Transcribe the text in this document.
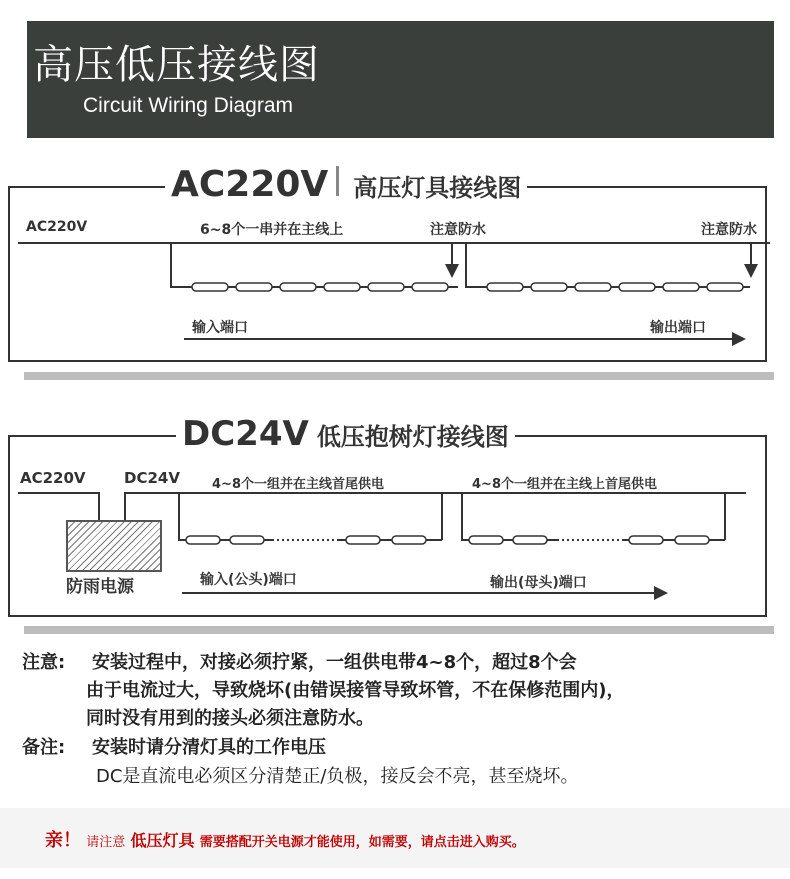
高压低压接线图
Circuit Wiring Diagram
AC220V 高压灯具接线图
AC220V	6~8个一串并在主线上	注意防水	注意防水
输入端口	输出端口
DC24V 低压抱树灯接线图
AC220V	DC24V 4~8个一组并在主线首尾供电	4~8个一组并在主线上首尾供电
防雨电源	输入(公头)端口	输出(母头)端口
注意: 安装过程中，对接必须拧紧，一组供电带4~8个，超过8个会
由于电流过大，导致烧坏(由错误接管导致坏管，不在保修范围内)，
同时没有用到的接头必须注意防水。
备注: 安装时请分清灯具的工作电压
DC是直流电必须区分清楚正/负极，接反会不亮，甚至烧坏。
亲！ 请注意 低压灯具 需要搭配开关电源才能使用，如需要，请点击进入购买。
